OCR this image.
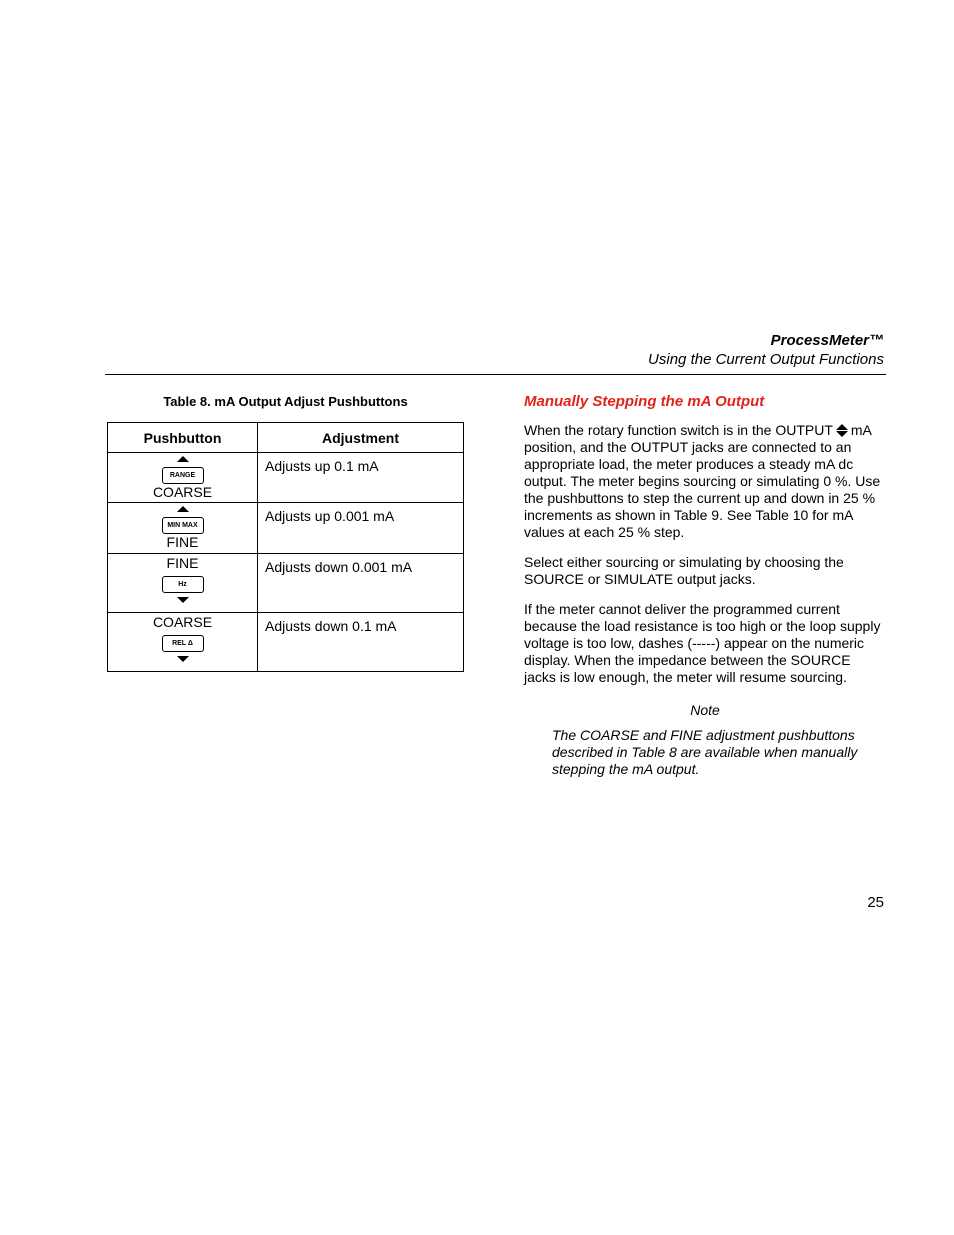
ProcessMeter™
Using the Current Output Functions
Table 8. mA Output Adjust Pushbuttons
Pushbutton	Adjustment

RANGE
COARSE	Adjusts up 0.1 mA

MIN MAX
FINE	Adjusts up 0.001 mA

FINE
Hz	Adjusts down 0.001 mA

COARSE
REL Δ	Adjusts down 0.1 mA
Manually Stepping the mA Output

When the rotary function switch is in the OUTPUT mA position, and the OUTPUT jacks are connected to an appropriate load, the meter produces a steady mA dc output. The meter begins sourcing or simulating 0 %. Use the pushbuttons to step the current up and down in 25 % increments as shown in Table 9. See Table 10 for mA values at each 25 % step.

Select either sourcing or simulating by choosing the SOURCE or SIMULATE output jacks.

If the meter cannot deliver the programmed current because the load resistance is too high or the loop supply voltage is too low, dashes (-----) appear on the numeric display. When the impedance between the SOURCE jacks is low enough, the meter will resume sourcing.

Note
The COARSE and FINE adjustment pushbuttons described in Table 8 are available when manually stepping the mA output.
25
